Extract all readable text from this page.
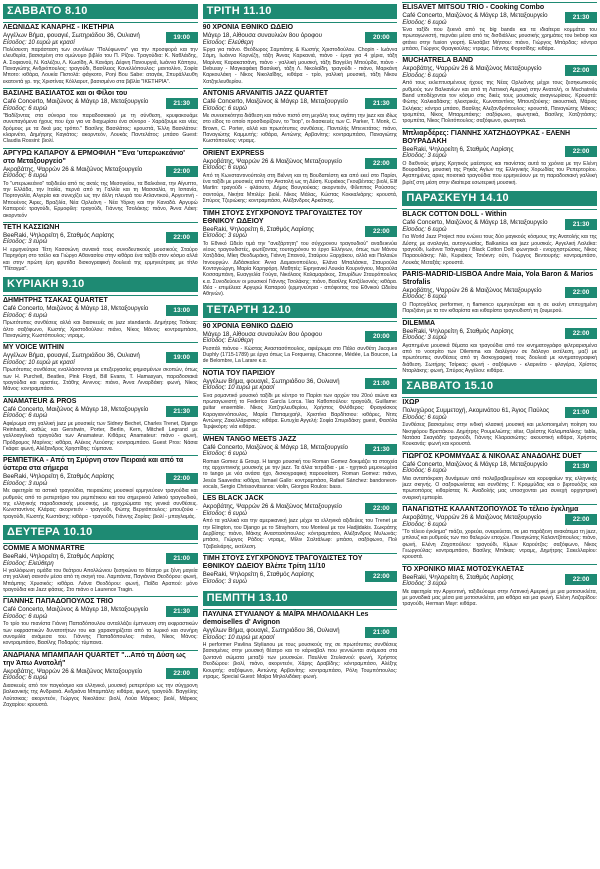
ΣΑΒΒΑΤΟ 8.10
ΛΕΩΝΙΔΑΣ ΚΑΝΑΡΗΣ - ΙΚΕΤΗΡΙΑ
19:00
Αγγέλων Βήμα, φουαγιέ, Σωτηριάδου 36, Ουλιανή
Είσοδος: 10 ευρώ με κρασί
Πολύσεκτη παράσταση των συνόλων "Πολύφωνον" για την προσφορά και την ελευθερία, βασισμένη στο ομώνυμο βιβλίο του Π. Ρίζου. Τραγούδια: Κ. Ναθλάιδης, Α. Σοφιανού, Ν. Καλέζου, Λ. Κωσίδη, Α. Κανάρη. Δέφνη Πανουργιά, Ιωάννα Κάπηου, Παναγιώτης Ανδριόπουλος: τραγούδι, Βασίλειος Κανελλόπουλος: μαντολίνο, Σοφία Μποτο: κιθάρα, Λουκία Πιστολά: φάγκοτο, Ροηί Bou Sabe: αταγάκ, Σπυράλλευθη εκατοντά γρ. της Χριστίνας Κόλλαρυτ, βασισμένο στα βιβλία "ΙΚΕΤΗΡΙΑ".
ΒΑΣΙΛΗΣ ΒΑΣΙΛΑΤΟΣ και οι Φίλοι του
21:30
Café Concerto, Μαιζώνος & Μάγερ 18, Μεταξουργείο
Είσοδος: 6 ευρώ
"Βαδίζοντας στα σύνορα του παραδοσιακού με τη σύνθεση, κρυφακουάμε συνεπαγόμενα ήχους που έχει για να διαχωρίσει ένα σύνορο - Χαράζουμε και νέες δρόμους με τα δικά μας τρόπο." Βασίλης Βασιλάτος: κρουστά, Έλλη Βασιλάτου: κλαρινέτο, Δημήτρης Καγιάτος: ακορντεόν, Λουκάς Παντελάτος: μπάσο Guest: Claudia Rossini: βιολί.
ΑΡΓΥΡΩ ΚΑΠΑΡΟΥ & ΕΡΜΟΦΙΛΗ "Ένα 'υπερωκεάνιο' στο Μεταξουργείο"
22:00
Ακροβάτης, Ψαρρών 26 & Μαιζώνος Μεταξουργείο
Είσοδος: 6 ευρώ
Το "υπερωκεάνιο" ταξιδεύει από τις ακτές της Μεσογείου, τα Βαλκάνια, την Αίγυπτο, την Ελλάδα, την Ιταλία, περνά από τη Γαλλία και τη Μασσαλία, τη Ισπανία, Πορτογαλία, Αλγερία και συνεχίζει ως την άλλη πλευρά του Ατλαντικού, Αργεντινή - Μπουένος Άιρες, Βραζιλία, Νέα Ορλεάνη - Νέα Υόρκη και την Καναδά. Αργυρώ Καπαρού: τραγούδι, Ερμοφίλη: τραγούδι, Γιάννης Τσολάκης: πιάνο, Άννα Λάκη: ακορντεόν
ΤΕΤΗ ΚΑΣΣΙΩΝΗ
22:00
BeeRaki, Ψηλορείτη 6, Σταθμός Λαρίσης
Είσοδος: 3 ευρώ
Η ερμηνεύτρια Τέτη Κασσιώνη συνανά τους συνοδευτικούς μουσικούς Σταύρο Παρηγόρη στο τσέλο και Γιώργο Αθανασίου στην κιθάρα ένα ταξίδι στον κόσμο αλλά και στην πρώτη έρη φρυτίδα δισκογραφική δουλειά της ερμηνεύτριας με τίτλο "Πέταγμα".
ΚΥΡΙΑΚΗ 9.10
ΔΗΜΗΤΡΗΣ ΤΣΑΚΑΣ QUARTET
13:00
Café Concerto, Μαιζώνος & Μάγερ 18, Μεταξουργείο
Είσοδος: 6 ευρώ
Πρωτότυπες συνθέσεις αλλά και διασκευές σε jazz standards. Δημήτρης Τσάκας: άλτο σαξόφωνο, Κωστής Χριστοδούλου: πιάνο, Νίκος Μάνος: κοντραμπάσο, Παναγιώτης Κωστόπουλος: ντραμς.
MY VOICE WITHIN
19:00
Αγγέλων Βήμα, φουαγιέ, Σωτηριάδου 36, Ουλιανή
Είσοδος: 10 ευρώ με κρασί
Πρωτότυπες συνθέσεις εναλλάσσονται με επεξεργασίες φημισμένων σκοπών, όπως των H. Purchell, Beatles, Pink Floyd, Bill Evans, T. Hamasyan, παραδοσιακά τραγούδια και αριστίες. Στάθης Αννινος: πιάνο, Άννα Λιναρδάκη: φωνή, Νίκος Μάνος: κοντραμπάσο.
ANAMATEUR & PROS
21:30
Café Concerto, Μαιζώνος & Μάγερ 18, Μεταξουργείο
Είσοδος: 6 ευρώ
Αφιέρωμα στη γαλλική jazz με μουσικές των Sidney Bechet, Charles Trenet, Django Reinhardt, καθώς και Gershwin, Porter, Berlin, Kern, Mitchell Legrand με γαλλοαγγλικά τραγούδια των Anamateur. Κιθάρες Anamateur: πιάνο - φωνή, Πρόδρομος Μαρίνος: κιθάρα, Αλέκος Λεούσης: κοντραμπάσο. Guest Pros: Νάσια Γκάφα: φωνή, Αλέξανδρος Χρηστίδης: τύμπανα.
ΡΕΜΠΕΤΙΚΑ - Από τη Σμύρνη στον Πειραιά και από τα ύστερα στα σήμερα
22:00
BeeRaki, Ψηλορείτη 6, Σταθμός Λαρίσης
Είσοδος: 3 ευρώ
Με αφετηρία τα αστικά τραγούδια, πειραιώτες μουσικοί ερμηνεύουν τραγούδια και ρυθμούς από το ρεπερτόριο του ρεμπέτικου και του σημερινού λαϊκού τραγουδιού, της ελληνικής παραδοσιακής μουσικής, με ηχοχρώματα της γενικά συνθέσεις. Κωνσταντίνος Κλάρας: ακορντεόν - τραγούδι, Φώτης Βεργιόπουλος: μπουζούκι - τραγούδι, Κωστής Κωστάκης: κιθάρα - τραγούδι, Γιάννης Ζορίας: βιολί - μπαγλαμάς.
ΔΕΥΤΕΡΑ 10.10
COMME A MONMARTRE
21:00
BeeRaki, Ψηλορείτη 6, Σταθμός Λαρίσης
Είσοδος: Ελεύθερη
Η γαλλόφωνη ομάδα του θεάτρου Απολλώνιου ξεσηκώνει το θέατρο με ξένη μαγεία στη γαλλική σανσόν μέσα από τη σκηνή του. Λαμπάντα, Παγιάννα Θεοδόρου: φωνή, Μπάμπης Χρυσικός: κιθάρα. Λιάνα Θεοδόρου: φωνή, Παΐδα Αραπού: μόνο τραγούδια και Jazz φάσεις. Στο πιάνο ο Laurence Tragin.
ΓΙΑΝΝΗΣ ΠΑΠΑΔΟΠΟΥΛΟΣ TRIO
21:30
Café Concerto, Μαιζώνος & Μάγερ 18, Μεταξουργείο
Είσοδος: 6 ευρώ
Το τρίο του πιανίστα Γιάννη Παπαδόπουλου ανταλλάζει έμπνευση στη εκφραστικών των εκφραστικών δυνατοτήτων του και χαρακτηρίζεται από τα λυρικό και συνήρη συνομιλία ανάμεσα του. Γιάννης Παπαδόπουλος: πιάνο, Νίκος Μάνος: κοντραμπάσο, Βασίλης Ποδαρός: τύμπανα.
ΑΝΔΡΙΑΝΑ ΜΠΑΜΠΑΛΗ QUARTET "...Από τη Δύση ως την Άπω Ανατολή"
22:00
Ακροβάτης, Ψαρρών 26 & Μαιζώνος Μεταξουργείο
Είσοδος: 6 ευρώ
Διασκευές από τον παγκόσμιο και ελληνικό, μουσική ρεπερτόριο ως την σύγχρονη βαλκανικής της Ανδριανά. Ανδριάνα Μπαμπάλη: κιθάρα, φωνή, τραγούδι. Βαγγέλης Λούτσικας: ακορντεόν, Γιώργος Νικολάου: βιολί, Λούα Μάρκος: βιολί, Μάρκος Ζαχαρίου: κρουστά.
ΤΡΙΤΗ 11.10
90 ΧΡΟΝΙΑ ΕΘΝΙΚΟ ΩΔΕΙΟ
20:00
Μάγερ 18, Αίθουσα συναυλιών 8ου όροφου
Είσοδος: Ελεύθερη
Έργα για πιάνο. Θεόδωρος Σαμπάτης & Κωστής Χριστοδούλου. Chopin - Ιωάννα Σάμη, Ιωάννα Κορνέζη, τάξη Άννας Καρκανιά, πιάνο - έργα για 4 χέρια, τάξη Μαρίνας Καρακατσάνη, πιάνο - γαλλική μουσική, τάξη Βαγγέλη Μπούρδα, πιάνο - Debussy - Μαγκαφάκη Βασιλική, τάξη Λ. Νικολαΐδη, τραγούδι - πιάνο, Μαρκάνη Καρκουλάκη - Νίκος Νικολαΐδης, κιθάρα - τρίο, γαλλική μουσική, τάξη Νίκου Χατζηελευθερίου.
ANTONIS ARVANITIS JAZZ QUARTET
21:30
Café Concerto, Μαιζώνος & Μάγερ 18, Μεταξουργείο
Είσοδος: 6 ευρώ
Με συνεκτικότητα διάθεση και πιάνο πιστό στη μεγάλη τους αγάπη την jazz και ιδίως στο είδος το οποίο προσδιορίζουν, το "bop", οι διασκευές των C. Parker, T. Monk, C. Brown, C. Porter, αλλά και πρωτότυπες συνθέσεις. Παντελής Μπενετάτος: πιάνο, Παναγιώτης Καμμυτής: κιθάρα, Αντώνης Αρβανίτης: κοντραμπάσο, Παναγιώτης Κωστόπουλος: ντραμς.
ORIENT EXPRESS
22:00
Ακροβάτης, Ψαρρών 26 & Μαιζώνος Μεταξουργείο
Είσοδος: 6 ευρώ
Από τη Κωνσταντινούπολη στη Βιέννη και τη Βουδαπέστη και από εκεί στο Παρίσι, ένα ταξίδι με μουσικές από την Ανατολή ως τη Δύση. Κυριάκος Γκουβέντας: βιολί, Elif Martin: τραγούδι - φλάουτο, Δήμος Βουγιούκας: ακορντεόν, Φίλιππος Ρούσσος: σαντούρι, Νικήτα Μπιλέρ: βιολί. Νίκος Μάλας, Κώστας Κοκκαλιάρης: κρουστά, Σπύρος Τζεριώκης: κοντραμπάσο, Αλέξανδρος Αρκάτκης.
ΤΙΜΗ ΣΤΟΥΣ ΣΥΓΧΡΟΝΟΥΣ ΤΡΑΓΟΥΔΙΣΤΕΣ ΤΟΥ ΕΘΝΙΚΟΥ ΩΔΕΙΟΥ
22:00
BeeRaki, Ψηλορείτη 6, Σταθμός Λαρίσης
Είσοδος: 3 ευρώ
Το Εθνικό Ωδείο τιμά την "ανεξάρτητη" του σύγχρονου τραγουδιού" αναδεικνύει νέους τραγουδιστές, φωτίζοντας τουτοχρόνου το έργο Ελλήνων, όπως των Μάνου Χατζιδάκι, Μίκη Θεοδωράκη, Γιάννη Σπανού, Σταύρου Ξαρχάκου, αλλά και Παλαιών Ιτινουργών. Διδάσκαλοι: Άννα Δαμιανοπούλου, Ελάνα Μπαλάσκα, Σταυρούλα Κοντογεώργη, Μαρία Καρηφόρη. Μαθητές: Ειρηνανικί Λουκία Κουρνόγιου, Μαρούλα Κοσσαμπάνη, Ευαγγελία Γούγα, Νικόλαος Καλαμαράκος, Σπυρίδων Σταυρόπουλος κ.α. Συνοδεύουν οι μουσικοί Γιάννης Τσολάκης: πιάνο, Βασίλης Κατζέλιονιός: κιθάρα. Ιδέα - επιμέλεια: Αργυρώ Καπαρού (ερμηνεύτρια - απόφοιτος του Εθνικού Ωδείου Αθηνών).
ΤΕΤΑΡΤΗ 12.10
90 ΧΡΟΝΙΑ ΕΘΝΙΚΟ ΩΔΕΙΟ
20:00
Μάγερ 18, Αίθουσα συναυλιών 8ου όροφου
Είσοδος: Ελεύθερη
Ρεσιτάλ πιάνου - Κώστας Αναστασόπουλος, αφιέρωμα στο Πάλο συνθέτη Jacques Duphly (1715-1789) με έργα όπως La Forqueray, Chaconne, Médée, La Boucon, La de Belombre, La Larare κ.α.
NOTIA TOY ΠΑΡΙΣΙΟΥ
21:00
Αγγέλων Βήμα, φουαγιέ, Σωτηριάδου 36, Ουλιανή
Είσοδος: 10 ευρώ με κρασί
Ένα ρομαντικό μουσικό ταξίδι με κέντρο το Παρίσι των αρχών του 20ού αιώνα και πρωταγωνιστή το Federico García Lorca. Ίλια Καθοπούλου: τραγούδι, Guillame: guitar ensemble. Νίκος Χατζηελευθερίου, Χρήστος Φιλόθερος: Φραγκίσκος Καραγιαννόπουλος, Μαρία Παπαμιχαήλ, Χριστίνα Βαρδίτσιου: κιθάρες, Ντιτς Αντώνης Ζακελλάρισσες: κιθάρα. Ευτυχία Αγγελή: Σοφία Σπυριδάκη: guest, Φασόλα Τερψικόρη: νέα κιθάρα.
WHEN TANGO MEETS JAZZ
21:30
Café Concerto, Μαιζώνος & Μάγερ 18, Μεταξουργείο
Είσοδος: 6 ευρώ
Roman Gomez & Group. Η tango μουσική του Roman Gomez δοκιμάζει τα στοιχεία της αρχεντινικής μουσικής με την jazz. Τα άλλα τετράδια - με - ηχητικά μεμονωμένα το tango με νέα ανάσα ήχο, δισκογραφική παρουσίαση. Roman Gomez: πιάνο, Jesús Saavedra: κιθάρα, Ismael Gallo: κοντραμπάσο, Rafael Sánchez: bandoneon-vocals, Sergio Chrissovitsanos: violin, Giorgos Roulos: bass.
LES BLACK JACK
22:00
Ακροβάτης, Ψαρρών 26 & Μαιζώνος Μεταξουργείο
Είσοδος: 6 ευρώ
Από τα γαλλικά και την αμερικανική jazz μέχρι τα ελληνικά αξιδεύεις του Trenet με την Elington, του Django με το Strayhorn, του Monteal με τον Hadjidakis. Σωκράτης Δερβίσης: πιάνο, Μάκης Αναστασόπουλος: κόντραμπάσο, Αλέξανδρος Μυλωνάς: μπάσο, Γιώργος Ράδος: ντραμς, Μίλιν Σαλτάλωφ: μπάσο, σαξόφωνο, Πολ Τζαβαλιάρης, εκτέλεση.
ΤΙΜΗ ΣΤΟΥΣ ΣΥΓΧΡΟΝΟΥΣ ΤΡΑΓΟΥΔΙΣΤΕΣ ΤΟΥ ΕΘΝΙΚΟΥ ΩΔΕΙΟΥ Βλέπε Τρίτη 11/10
22:00
BeeRaki, Ψηλορείτη 6, Σταθμός Λαρίσης
Είσοδος: 3 ευρώ
ΠΕΜΠΤΗ 13.10
ΠΑΥΛΙΝΑ ΣΤΥΛΙΑΝΟΥ & ΜΑΪΡΑ ΜΗΛΟΛΙΔΑΚΗ Les demoiselles d' Avignon
21:00
Αγγέλων Βήμα, φουαγιέ, Σωτηριάδου 36, Ουλιανή
Είσοδος: 10 ευρώ με κρασί
Η performer Pavlina Stylianou με τους μουσικούς της σε πρωτότυπες συνθέσεις βασισμένες στην μουσική θέατρο και το κάρναβαλ που γεννιώνται ανάμεσα στα ζωντανά σώματα μεταξύ των μουσικών. Παυλίνα Στυλιανού: φωνή, Χρήστος Θεοδώρου: βιολί, πιάνο, ακορντεόν, Χάρης Δραβίδης: κόντραμπάσο, Αλέξης Κιουρτής: σαξόφωνο, Αντώνης Αρβανίτης: κοντραμπάσο, Ρόλη Τουμπόπουλος: ντραμς. Special Guest: Μαϊρα Μηλολιδάκη: φωνή.
ELISAVET MITSOU TRIO - Cooking Combo
21:30
Café Concerto, Μαιζώνος & Μάγερ 18, Μεταξουργείο
Είσοδος: 6 ευρώ
Ένα ταξίδι που ξεκινά από τις big bands και τα ιδιαίτερα κομμάτια του πρωταγωνιστή, περνάει μέσα από τις δισδιάλλεις μουσικής χρημάτες του bebop και φτάνει στην fusion γιορτή. Ελισάβετ Μήτσου: πιάνο, Γιώργος Μπάρδας: κόντρα μπάσο, Γιώργος Φραγκούλης: ντραμς. Γιάννης Φορτσίδης: κιθάρα.
MUCHATRELA BAND
22:00
Ακροβάτης, Ψαρρών 26 & Μαιζώνος Μεταξουργείο
Είσοδος: 6 ευρώ
Από τους εκλεπτυσμένους ήχους της Νέας Ορλεάνης μέχρι τους ξεσηκωτικούς ρυθμούς των Βαλκανίων και από τη Λατινική Αμερική στην Ανατολή, οι Muchatrela Band υποδέχονται τον κόσμο στις δικές τους μουσικές αναγνωρίσεις. Κρουστά: Φώτης Χαλκιαδάκης: ηλεκτρικές, Κωνσταντίνος Μπουτζούκης: ακουστικά, Μάριος Σκλήκας: κόντρα μπάσο, Βασίλης Αλεξανδρόπουλος: κρουστά, Παναγιώτης Μάκος: τρομπέτα, Νίκος Μπαρμπάκης: σαξόφωνο, φωνητικά, Βασίλης Χατζητάσης: τρομπέτα, Νίκος Πολιτόπουλος: σαξόφωνο, φωνητικά.
Μπλιαρδέρες: ΓΙΑΝΝΗΣ ΧΑΤΖΗΔΟΥΡΚΑΣ - ΕΛΕΝΗ ΒΟΥΡΑΔΑΚΗ
22:00
BeeRaki, Ψηλορείτη 6, Σταθμός Λαρίσης
Είσοδος: 3 ευρώ
Ο διεθνούς φήμης Κρητικός μαέστρος και πιανίστας αυτά τα χρόνια με την Ελένη Βουραδάκη, μουσική της Ρηκάς Αγίων της Ελληνικής Χορωδίας του Ρεπερτορίου. Αγαπημένες αριες ποιοτικά τραγούδια που ερμηνεύουν με τη παραδοσιακή γαλλική βιρίτζ στη μέση στην ιδιαίτερα εσωτερική μουσική.
ΠΑΡΑΣΚΕΥΗ 14.10
BLACK COTTON DOLL - Within
21:30
Café Concerto, Μαιζώνος & Μάγερ 18, Μεταξουργείο
Είσοδος: 6 ευρώ
Για World Jazz Project που ενώνει τους δύο μαγικούς κόσμους της Ανατολής και της Δύσης με αναλογία, αυτογνωσίας, Balkanica και jazz μουσικές. Αγγελική Λαλεΐκα: τραγούδι, Ιωάννα Τσάγκαρη / Black Cotton Doll: φωνητικά - ενορχηστρώσεις, Νίκος Παραουλάκης: Νέι, Κυριάκος Τσιόκνη: ούτι, Γιώργος Βεντουρής: κοντραμπάσο, Λουκάς Μεταξάς: κρουστά.
PARIS-MADRID-LISBOA Andre Maia, Yola Baron & Marios Strofalis
22:00
Ακροβάτης, Ψαρρών 26 & Μαιζώνος Μεταξουργείο
Είσοδος: 6 ευρώ
Ο Πορτογάλος performer, η flamenco ερμηνεύτρια και η σε εκείνη επιτυχημένη Παριζιάνη με τα τον κιθαρίστα και κιθαρίστα τραγουδιστή τη ζουμερού.
DILEMMA
22:00
BeeRaki, Ψηλορείτη 6, Σταθμός Λαρίσης
Είσοδος: 3 ευρώ
Αγαπημένα μουσικά θέματα και τραγούδια από τον κινηματογράφο φιλτραρισμένα από το νοοτρίτο των Dilemma και διαλέγουν σε διάλογο εκτέλεση, μαζί με πρωτότυπες συνθέσεις από τη δισκογραφική τους δουλειά με κινηματογραφική διάθεση. Σωτήρης Τσίρκας: φωνή - σαξόφωνο - κλαρινέτο - φλογέρα, Χρίστος Νταρλάκης: φωνή, Σπύρος Αγγέλου: κιθάρα.
ΣΑΒΒΑΤΟ 15.10
ΙΧΩΡ
21:00
Πολυχώρος Συμμετοχή, Ακομινάτου 61, Άγιος Παύλος
Είσοδος: 6 ευρώ
Συνθέσεις βασισμένες στην ινδική κλασική μουσική και μελοποιημένη ποίηση του Νικηφόρου Βρεττάκου. Δημήτρης Ρουμελιώτης: sitar, Ορέστης Καλαμπαλίκης: tabla, Νατάσα Σκαγιάδη: τραγούδι, Γιάννης Κλαρασιώτης: ακουστική κιθάρα, Χρήστος Κουκανάς: φωνή και κρουστά.
ΓΙΩΡΓΟΣ ΚΡΟΜΜΥΔΑΣ & ΝΙΚΟΛΑΣ ΑΝΑΔΟΛΗΣ DUET
21:30
Café Concerto, Μαιζώνος & Μάγερ 18, Μεταξουργείο
Είσοδος: 6 ευρώ
Μια ανταπόκριση δυνάμεων από πολυβραβευμένων και κορυφαίων της ελληνικής jazz σκηνής. Ο σαξοφωνίστας και συνθέτης Γ. Κρομμύδας και ο βιρτουόζος και πρωτοπόρος κιθαρίστας Ν. Αναδολής μας υποσχονται μια συνεχή ορχηστρική ονειρική εμπειρία.
ΠΑΝΑΓΙΩΤΗΣ ΚΑΛΑΝΤΖΟΠΟΥΛΟΣ Το τέλειο έγκλημα
22:00
Ακροβάτης, Ψαρρών 26 & Μαιζώνος Μεταξουργείο
Είσοδος: 6 ευρώ
"Το τέλειο έγκλημα" πιάζει, χορεύει, ονειρεύεται, σε μια παράξενη ανακάτεμα τη jazz, μπλουζ και ρυθμούς των πιο θαλερών εποχών. Παναγιώτης Καλαντζόπουλος: πιάνο, φωνή, Ελένη Ζαχοπούλου: τραγούδι, Κίμων Καρούτζος: σαξόφωνο, Νίκος Γεωργούλας: κοντραμπάσο, Βασίλης Μπάκας: ντραμς, Δημήτρης Σακελλαρίου: κρουστά.
ΤΟ ΧΡΟΝΙΚΟ ΜΙΑΣ ΜΟΤΟΣΥΚΛΕΤΑΣ
22:00
BeeRaki, Ψηλορείτη 6, Σταθμός Λαρίσης
Είσοδος: 3 ευρώ
Με αφετηρία την Αργεντινή, ταξιδεύουμε στην Λατινική Αμερική με μια μοτοσυκλέτα, με μοναδικά μας μέσα μια μοτοσυκλέτα, μια κιθάρα και μια φωνή. Ελένη Λαζαρίδου: τραγούδι, Herman Mayr: κιθάρα.
